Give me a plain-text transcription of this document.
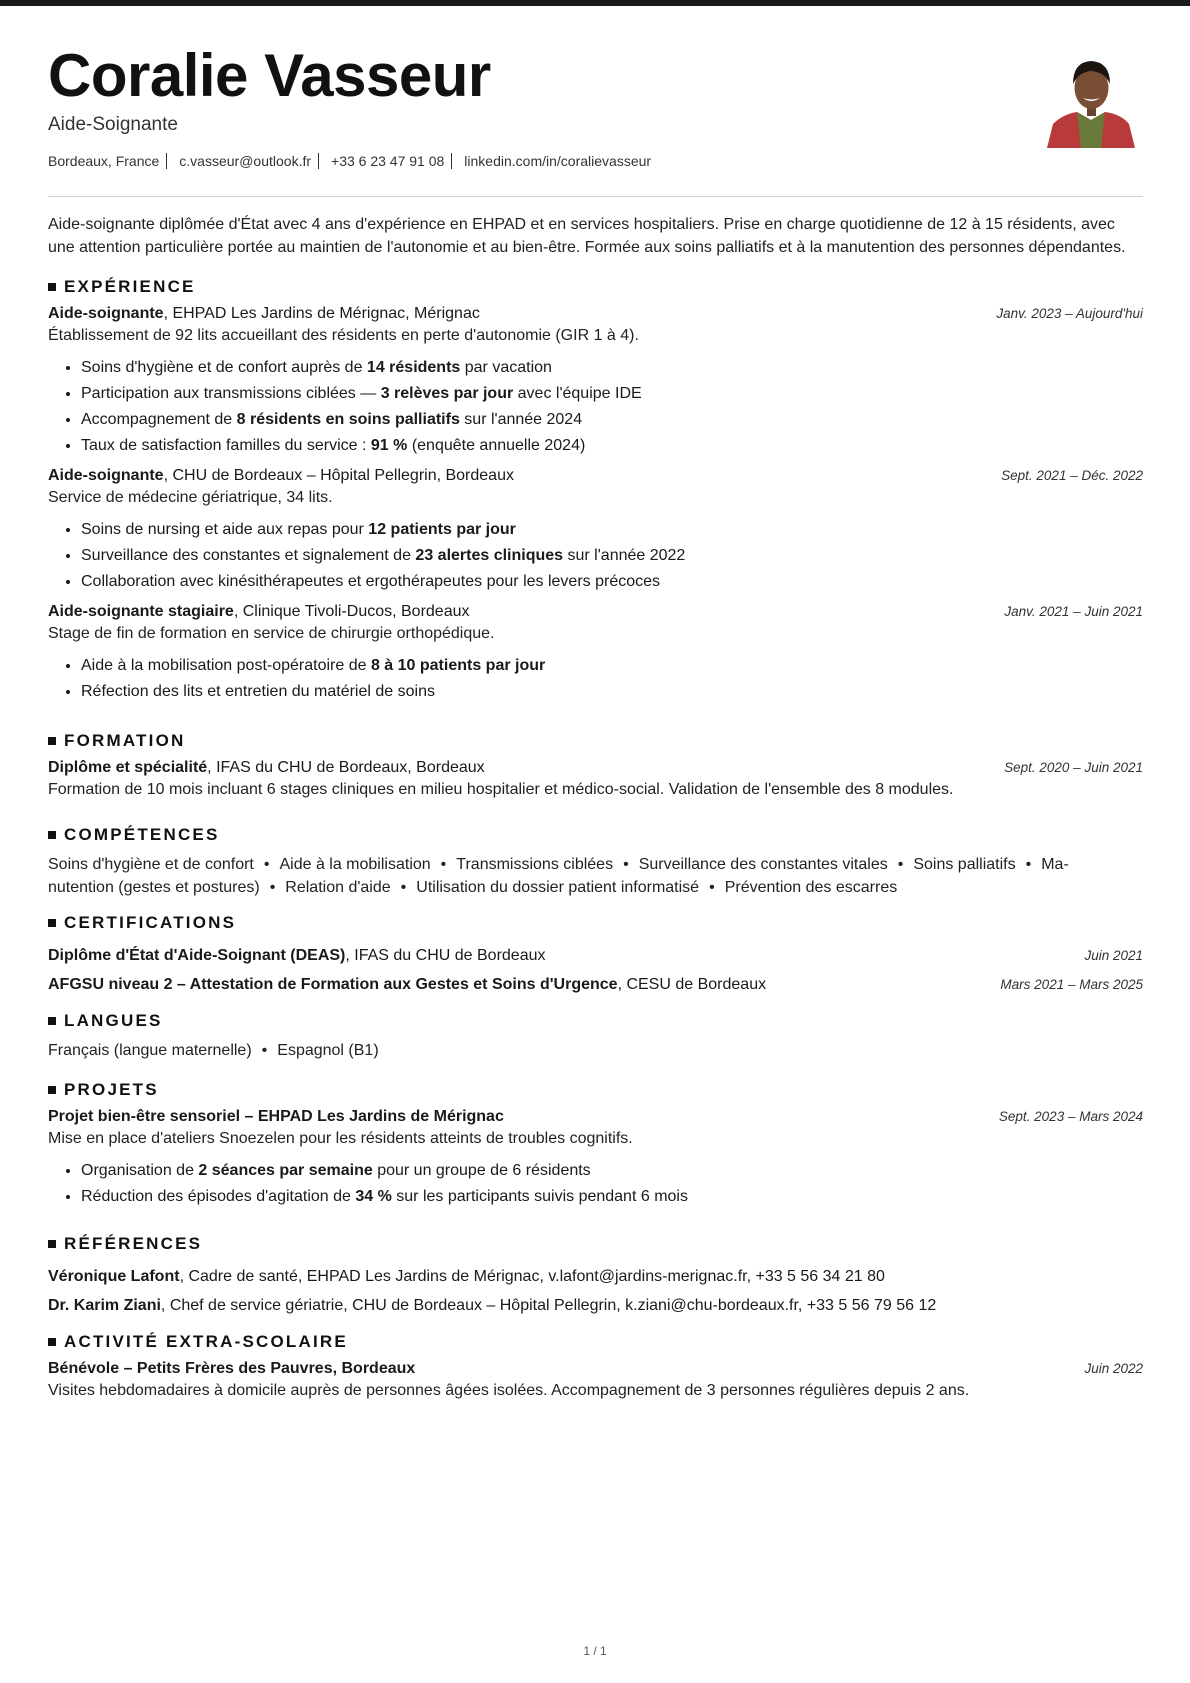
Coralie Vasseur
Aide-Soignante
Bordeaux, France c.vasseur@outlook.fr +33 6 23 47 91 08 linkedin.com/in/coralievasseur
Aide-soignante diplômée d'État avec 4 ans d'expérience en EHPAD et en services hospitaliers. Prise en charge quotidienne de 12 à 15 résidents, avec une attention particulière portée au maintien de l'autonomie et au bien-être. Formée aux soins palliatifs et à la manutention des personnes dépendantes.
EXPÉRIENCE
Aide-soignante, EHPAD Les Jardins de Mérignac, Mérignac	Janv. 2023 – Aujourd'hui
Établissement de 92 lits accueillant des résidents en perte d'autonomie (GIR 1 à 4).
• Soins d'hygiène et de confort auprès de 14 résidents par vacation
• Participation aux transmissions ciblées — 3 relèves par jour avec l'équipe IDE
• Accompagnement de 8 résidents en soins palliatifs sur l'année 2024
• Taux de satisfaction familles du service : 91 % (enquête annuelle 2024)
Aide-soignante, CHU de Bordeaux – Hôpital Pellegrin, Bordeaux	Sept. 2021 – Déc. 2022
Service de médecine gériatrique, 34 lits.
• Soins de nursing et aide aux repas pour 12 patients par jour
• Surveillance des constantes et signalement de 23 alertes cliniques sur l'année 2022
• Collaboration avec kinésithérapeutes et ergothérapeutes pour les levers précoces
Aide-soignante stagiaire, Clinique Tivoli-Ducos, Bordeaux	Janv. 2021 – Juin 2021
Stage de fin de formation en service de chirurgie orthopédique.
• Aide à la mobilisation post-opératoire de 8 à 10 patients par jour
• Réfection des lits et entretien du matériel de soins
FORMATION
Diplôme et spécialité, IFAS du CHU de Bordeaux, Bordeaux	Sept. 2020 – Juin 2021
Formation de 10 mois incluant 6 stages cliniques en milieu hospitalier et médico-social. Validation de l'ensemble des 8 modules.
COMPÉTENCES
Soins d'hygiène et de confort • Aide à la mobilisation • Transmissions ciblées • Surveillance des constantes vitales • Soins palliatifs • Ma-
nutention (gestes et postures) • Relation d'aide • Utilisation du dossier patient informatisé • Prévention des escarres
CERTIFICATIONS
Diplôme d'État d'Aide-Soignant (DEAS), IFAS du CHU de Bordeaux	Juin 2021
AFGSU niveau 2 – Attestation de Formation aux Gestes et Soins d'Urgence, CESU de Bordeaux	Mars 2021 – Mars 2025
LANGUES
Français (langue maternelle) • Espagnol (B1)
PROJETS
Projet bien-être sensoriel – EHPAD Les Jardins de Mérignac	Sept. 2023 – Mars 2024
Mise en place d'ateliers Snoezelen pour les résidents atteints de troubles cognitifs.
• Organisation de 2 séances par semaine pour un groupe de 6 résidents
• Réduction des épisodes d'agitation de 34 % sur les participants suivis pendant 6 mois
RÉFÉRENCES
Véronique Lafont, Cadre de santé, EHPAD Les Jardins de Mérignac, v.lafont@jardins-merignac.fr, +33 5 56 34 21 80
Dr. Karim Ziani, Chef de service gériatrie, CHU de Bordeaux – Hôpital Pellegrin, k.ziani@chu-bordeaux.fr, +33 5 56 79 56 12
ACTIVITÉ EXTRA-SCOLAIRE
Bénévole – Petits Frères des Pauvres, Bordeaux	Juin 2022
Visites hebdomadaires à domicile auprès de personnes âgées isolées. Accompagnement de 3 personnes régulières depuis 2 ans.
1 / 1
